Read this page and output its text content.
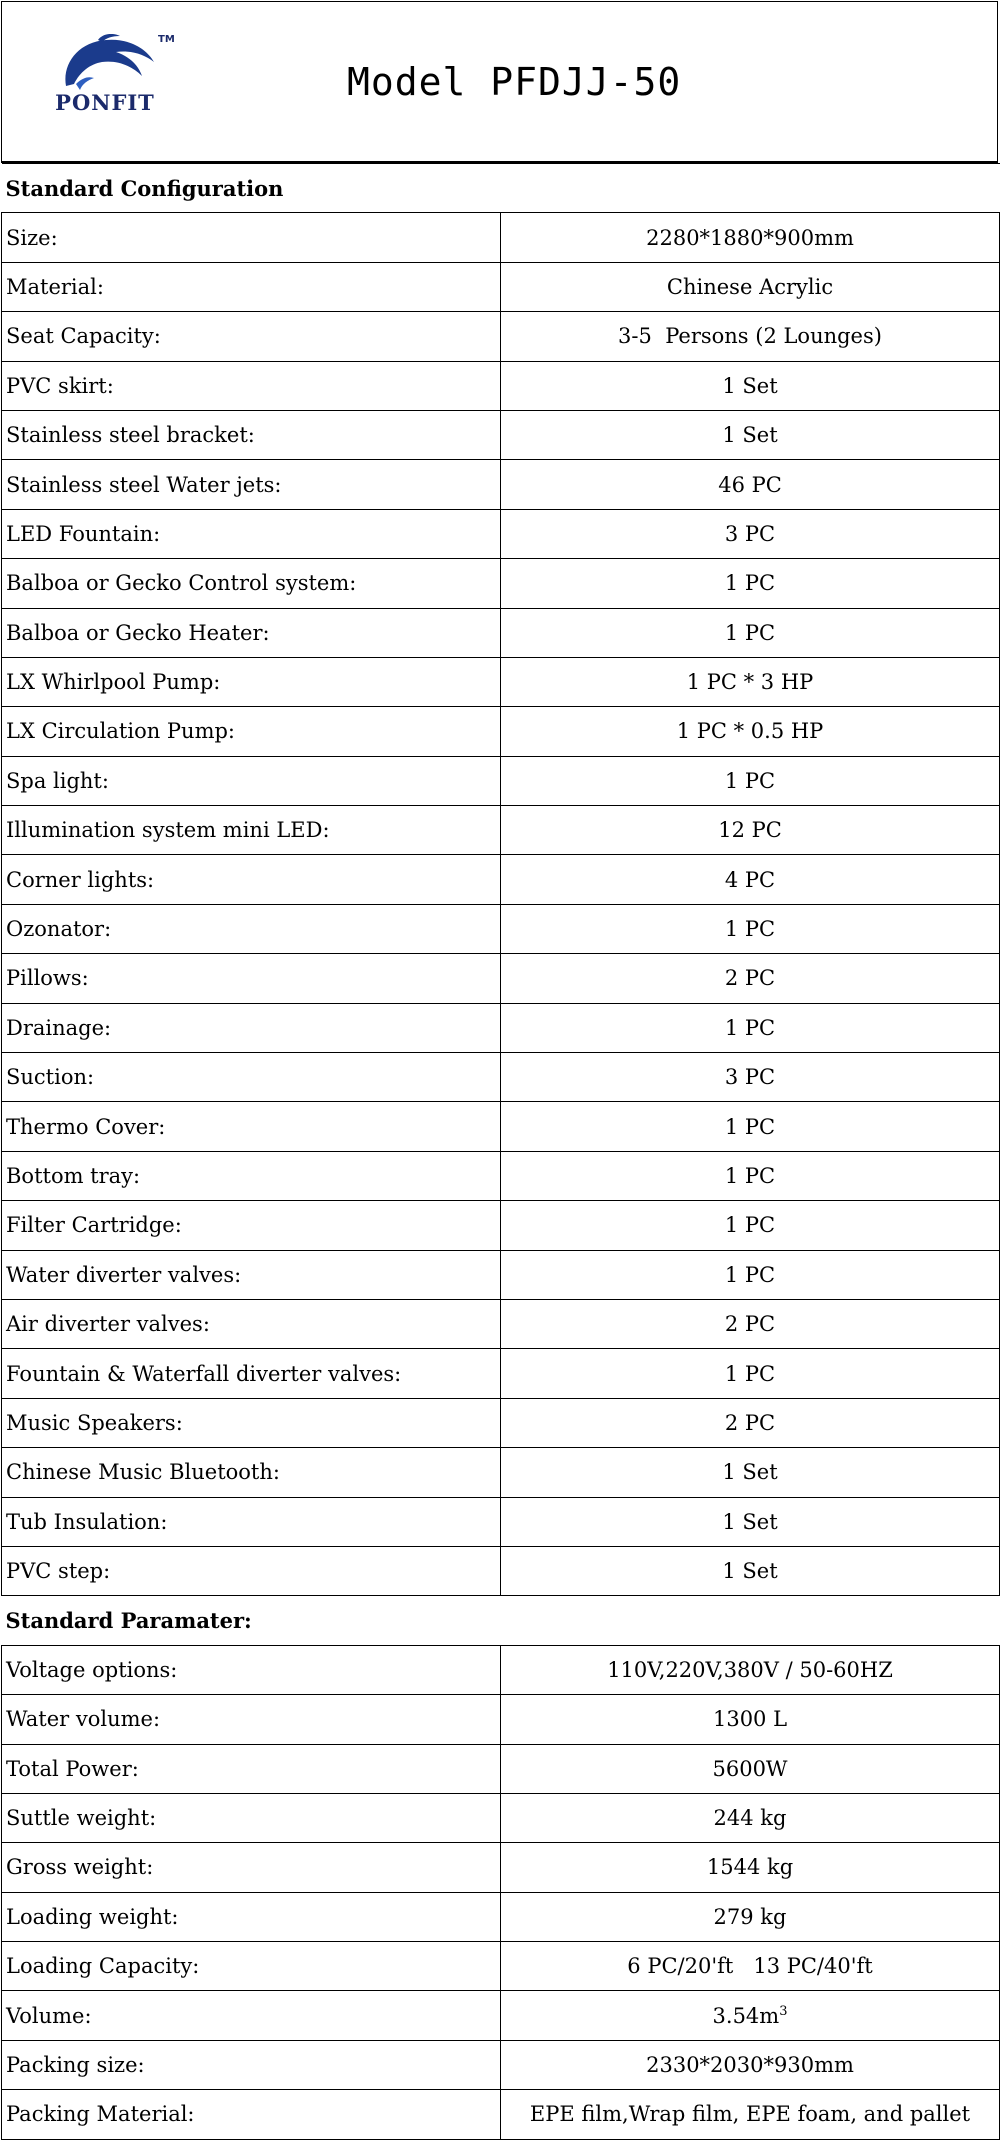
TM
PONFIT	Model PFDJJ-50
Standard Configuration	
Size:	2280*1880*900mm
Material:	Chinese Acrylic
Seat Capacity:	3-5  Persons (2 Lounges)
PVC skirt:	1 Set
Stainless steel bracket:	1 Set
Stainless steel Water jets:	46 PC
LED Fountain:	3 PC
Balboa or Gecko Control system:	1 PC
Balboa or Gecko Heater:	1 PC
LX Whirlpool Pump:	1 PC * 3 HP
LX Circulation Pump:	1 PC * 0.5 HP
Spa light:	1 PC
Illumination system mini LED:	12 PC
Corner lights:	4 PC
Ozonator:	1 PC
Pillows:	2 PC
Drainage:	1 PC
Suction:	3 PC
Thermo Cover:	1 PC
Bottom tray:	1 PC
Filter Cartridge:	1 PC
Water diverter valves:	1 PC
Air diverter valves:	2 PC
Fountain & Waterfall diverter valves:	1 PC
Music Speakers:	2 PC
Chinese Music Bluetooth:	1 Set
Tub Insulation:	1 Set
PVC step:	1 Set
Standard Paramater:	
Voltage options:	110V,220V,380V / 50-60HZ
Water volume:	1300 L
Total Power:	5600W
Suttle weight:	244 kg
Gross weight:	1544 kg
Loading weight:	279 kg
Loading Capacity:	6 PC/20'ft   13 PC/40'ft
Volume:	$3.54m^3$
Packing size:	2330*2030*930mm
Packing Material:	EPE film,Wrap film, EPE foam, and pallet
